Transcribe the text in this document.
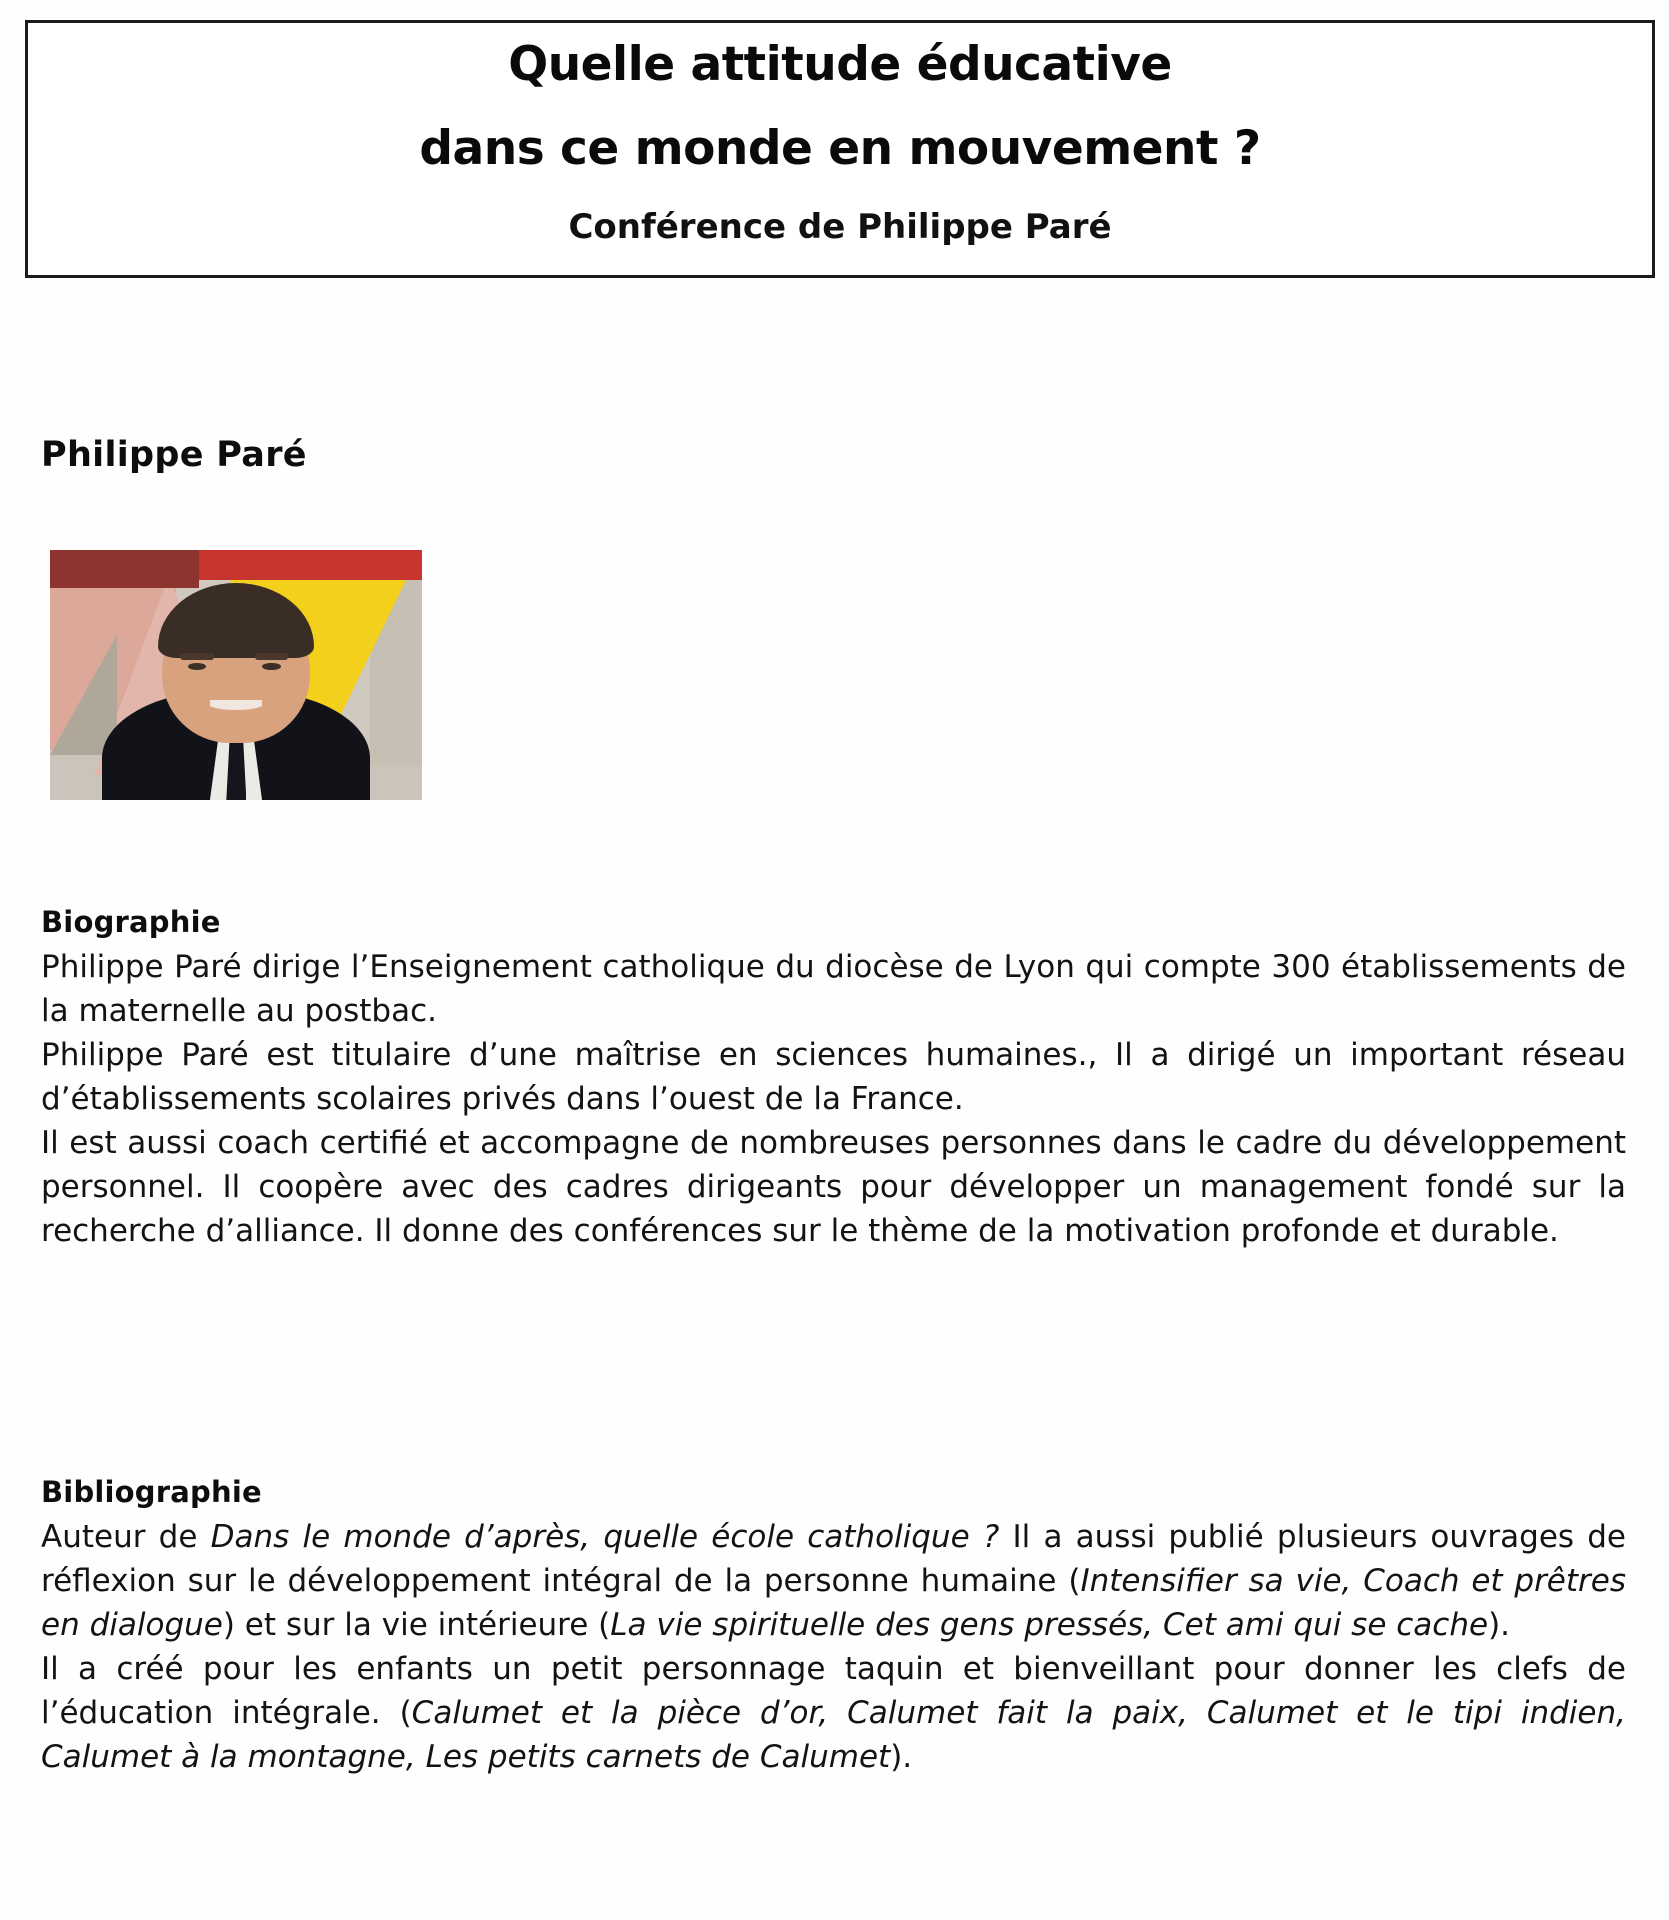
Quelle attitude éducative
dans ce monde en mouvement ?
Conférence de Philippe Paré
Philippe Paré
Biographie

Philippe Paré dirige l’Enseignement catholique du diocèse de Lyon qui compte 300 établissements de la maternelle au postbac.

Philippe Paré est titulaire d’une maîtrise en sciences humaines., Il a dirigé un important réseau d’établissements scolaires privés dans l’ouest de la France.

Il est aussi coach certifié et accompagne de nombreuses personnes dans le cadre du développement personnel. Il coopère avec des cadres dirigeants pour développer un management fondé sur la recherche d’alliance. Il donne des conférences sur le thème de la motivation profonde et durable.

Bibliographie

Auteur de Dans le monde d’après, quelle école catholique ? Il a aussi publié plusieurs ouvrages de réflexion sur le développement intégral de la personne humaine (Intensifier sa vie, Coach et prêtres en dialogue) et sur la vie intérieure (La vie spirituelle des gens pressés, Cet ami qui se cache).

Il a créé pour les enfants un petit personnage taquin et bienveillant pour donner les clefs de l’éducation intégrale. (Calumet et la pièce d’or, Calumet fait la paix, Calumet et le tipi indien, Calumet à la montagne, Les petits carnets de Calumet).
